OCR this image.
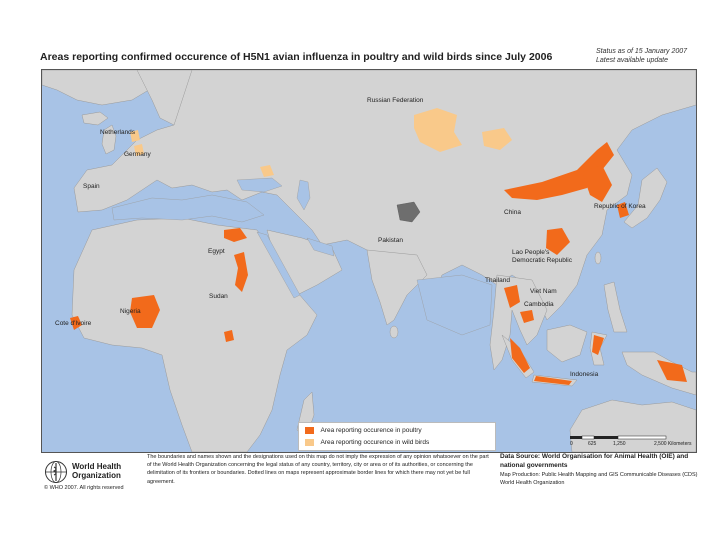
Areas reporting confirmed occurence of H5N1 avian influenza in poultry and wild birds since July 2006	Status as of 15 January 2007
Latest available update
Russian Federation
Netherlands
Germany
Spain
Egypt
Sudan
Nigeria
Cote d'Ivoire
Pakistan
China
Republic of Korea
Lao People's
Democratic Republic
Thailand
Viet Nam
Cambodia
Indonesia
Area reporting occurence in poultry
Area reporting occurence in wild birds	0	625	1,250	2,500 Kilometers
World Health
Organization
© WHO 2007. All rights reserved
The boundaries and names shown and the designations used on this map do not imply the expression of any opinion whatsoever on the part of the World Health Organization concerning the legal status of any country, territory, city or area or of its authorities, or concerning the delimitation of its frontiers or boundaries. Dotted lines on maps represent approximate border lines for which there may not yet be full agreement.
Data Source: World Organisation for Animal Health (OIE) and national governments
Map Production: Public Health Mapping and GIS Communicable Diseases (CDS) World Health Organization
